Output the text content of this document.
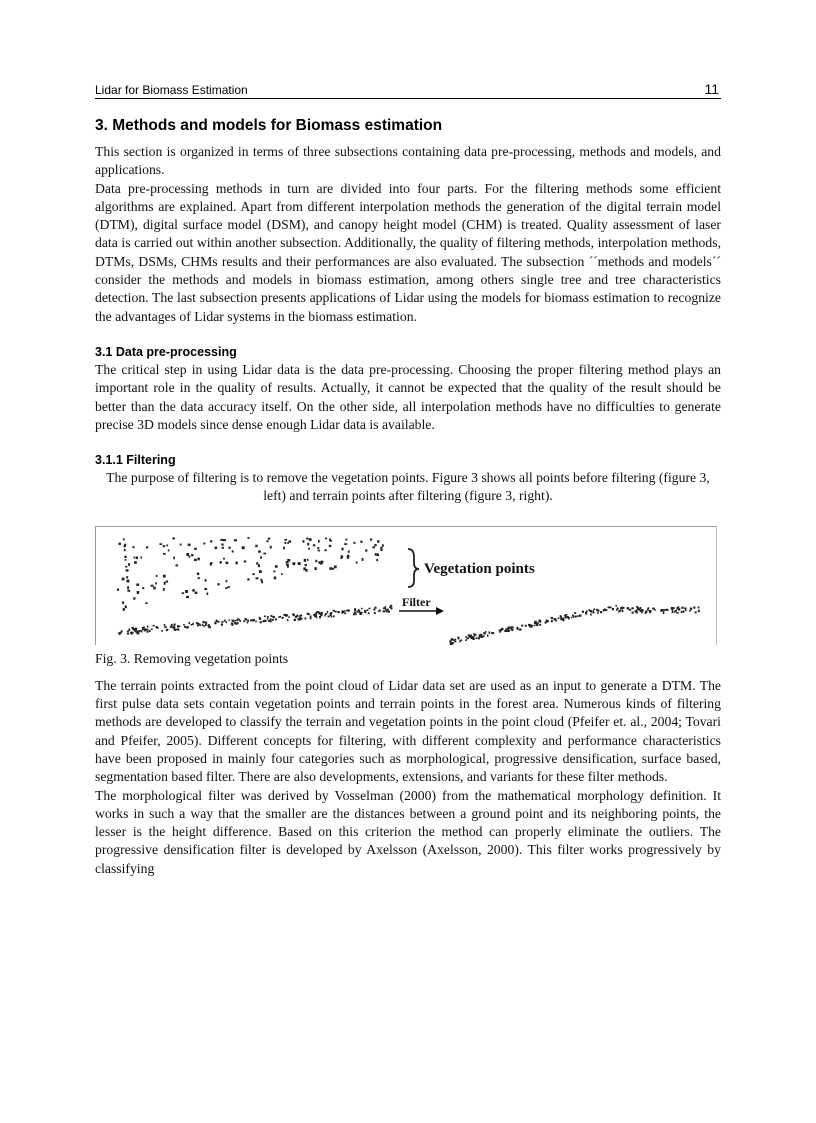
Lidar for Biomass Estimation	11
3. Methods and models for Biomass estimation

This section is organized in terms of three subsections containing data pre-processing, methods and models, and applications.

Data pre-processing methods in turn are divided into four parts. For the filtering methods some efficient algorithms are explained. Apart from different interpolation methods the generation of the digital terrain model (DTM), digital surface model (DSM), and canopy height model (CHM) is treated. Quality assessment of laser data is carried out within another subsection. Additionally, the quality of filtering methods, interpolation methods, DTMs, DSMs, CHMs results and their performances are also evaluated. The subsection ´´methods and models´´ consider the methods and models in biomass estimation, among others single tree and tree characteristics detection. The last subsection presents applications of Lidar using the models for biomass estimation to recognize the advantages of Lidar systems in the biomass estimation.

3.1 Data pre-processing

The critical step in using Lidar data is the data pre-processing. Choosing the proper filtering method plays an important role in the quality of results. Actually, it cannot be expected that the quality of the result should be better than the data accuracy itself. On the other side, all interpolation methods have no difficulties to generate precise 3D models since dense enough Lidar data is available.

3.1.1 Filtering

The purpose of filtering is to remove the vegetation points. Figure 3 shows all points before filtering (figure 3, left) and terrain points after filtering (figure 3, right).

Vegetation points
Filter
Fig. 3. Removing vegetation points

The terrain points extracted from the point cloud of Lidar data set are used as an input to generate a DTM. The first pulse data sets contain vegetation points and terrain points in the forest area. Numerous kinds of filtering methods are developed to classify the terrain and vegetation points in the point cloud (Pfeifer et. al., 2004; Tovari and Pfeifer, 2005). Different concepts for filtering, with different complexity and performance characteristics have been proposed in mainly four categories such as morphological, progressive densification, surface based, segmentation based filter. There are also developments, extensions, and variants for these filter methods.

The morphological filter was derived by Vosselman (2000) from the mathematical morphology definition. It works in such a way that the smaller are the distances between a ground point and its neighboring points, the lesser is the height difference. Based on this criterion the method can properly eliminate the outliers. The progressive densification filter is developed by Axelsson (Axelsson, 2000). This filter works progressively by classifying
